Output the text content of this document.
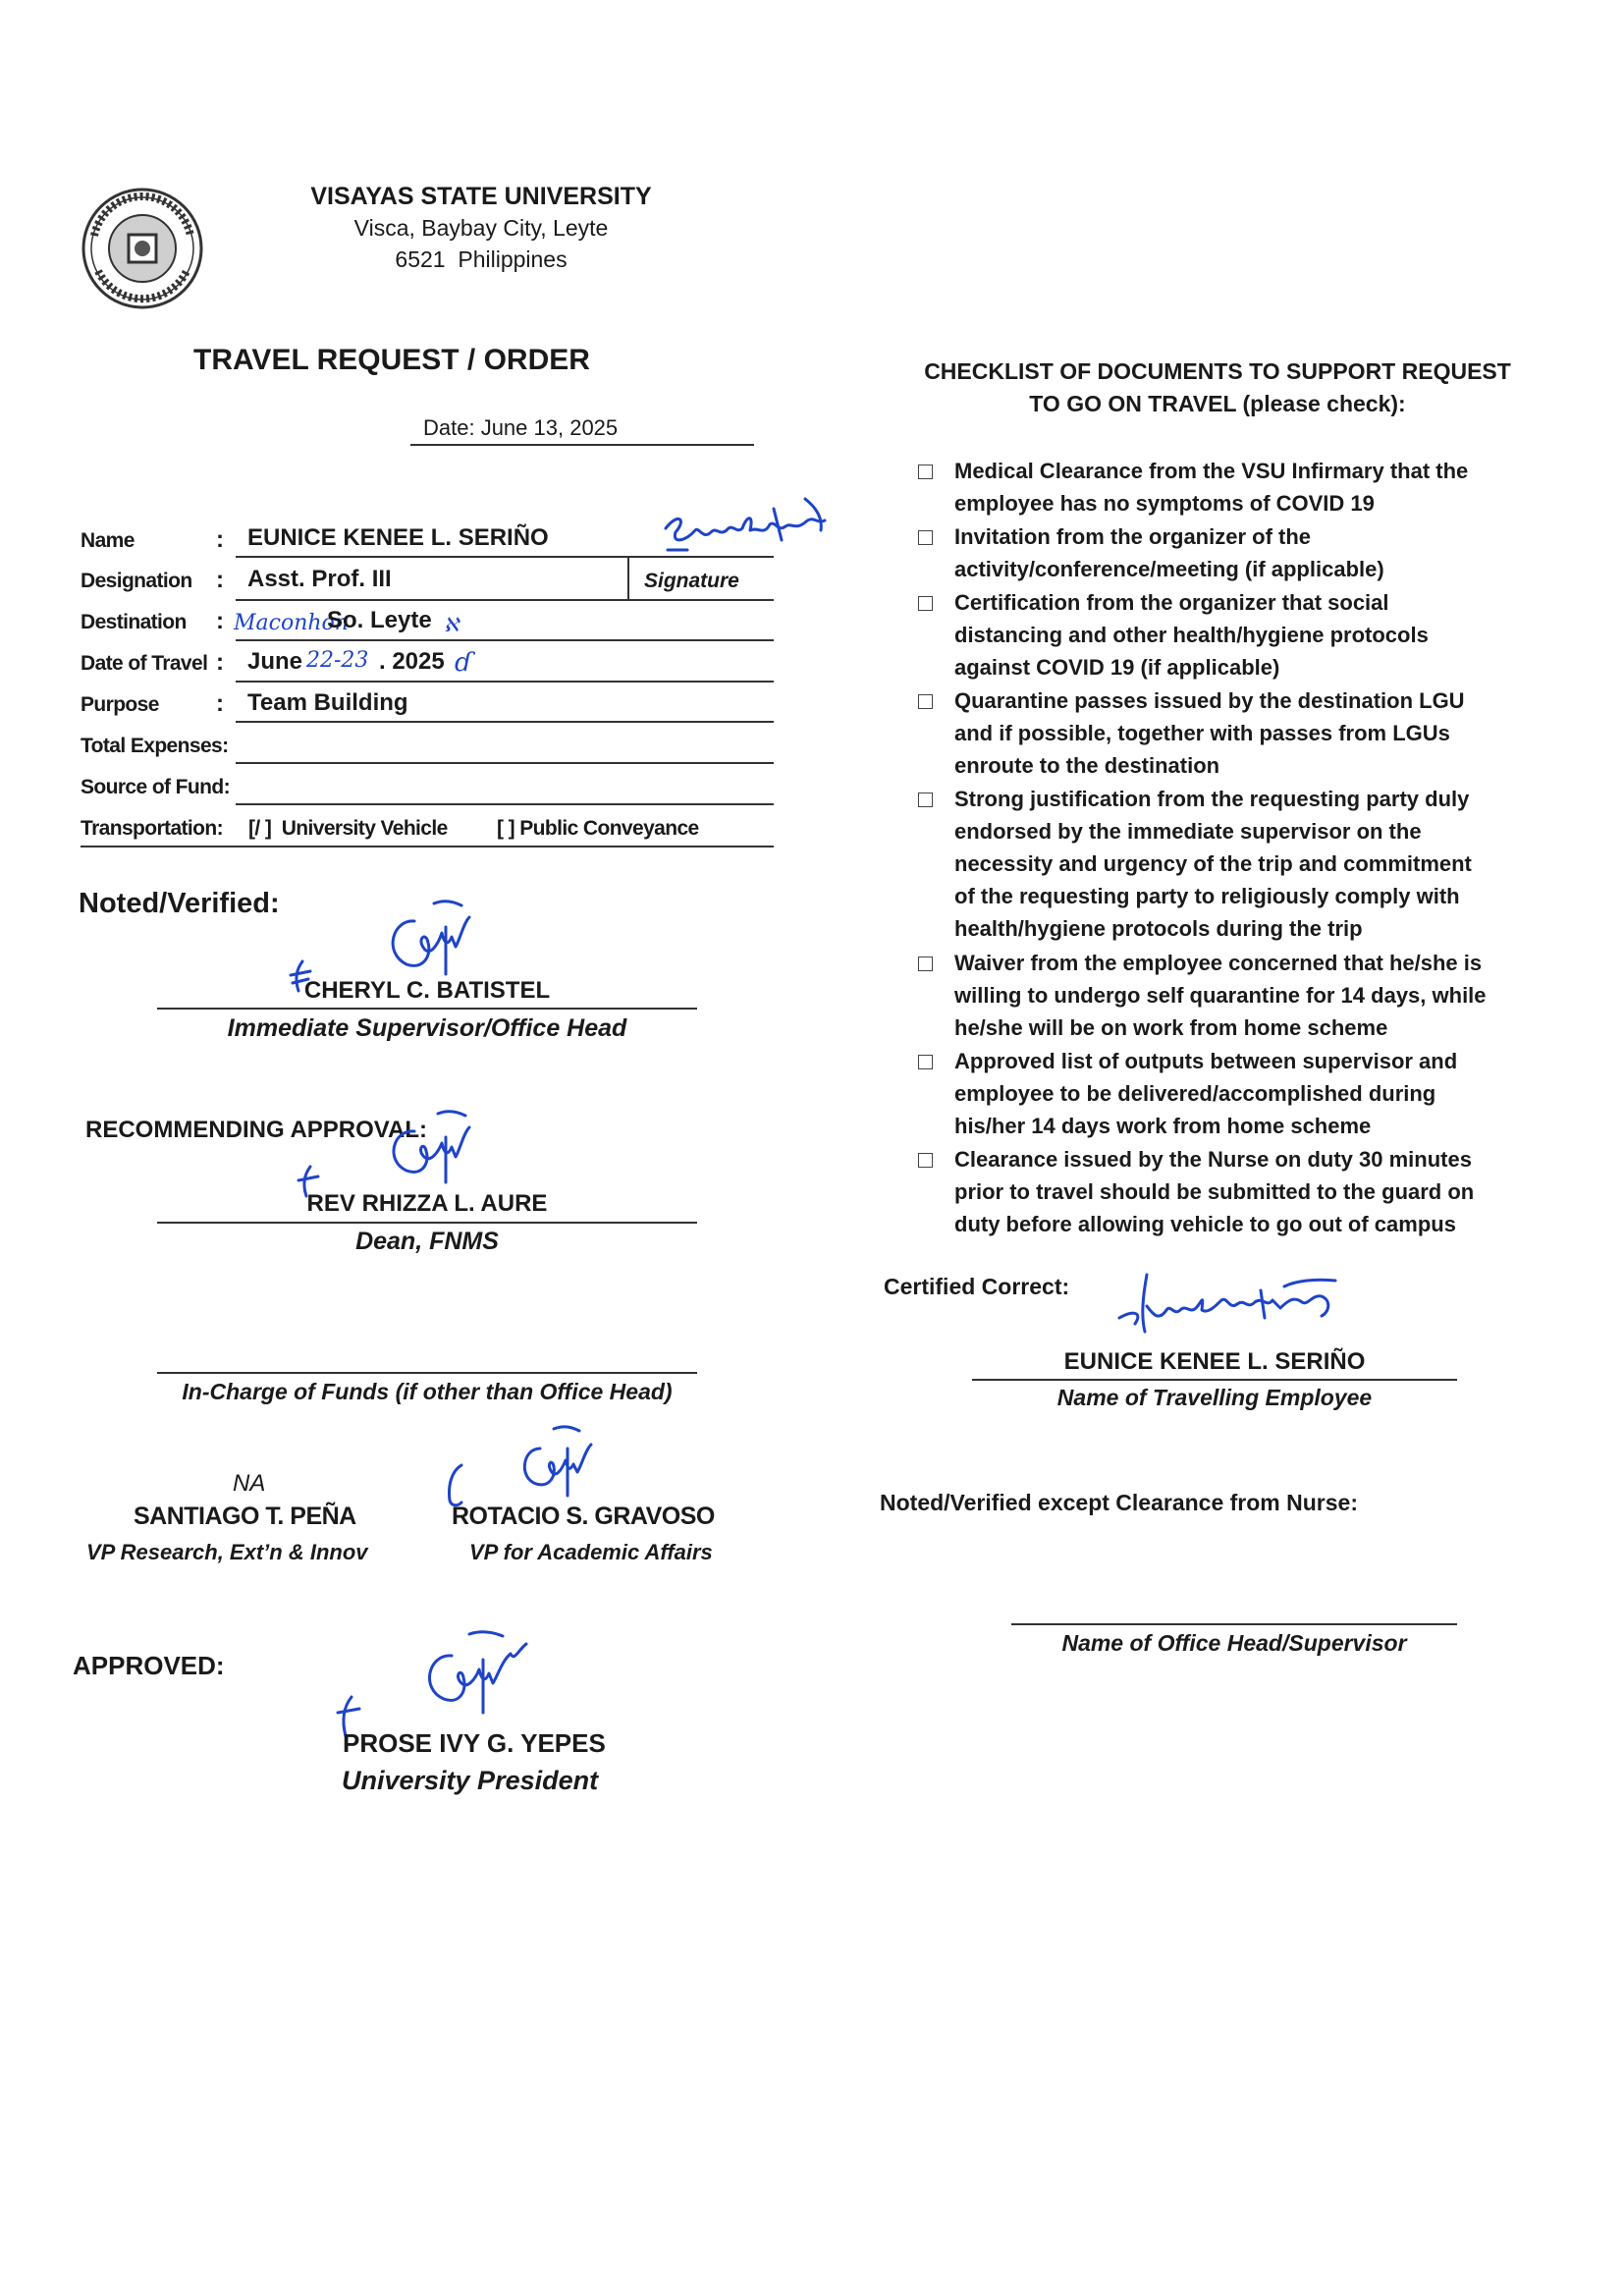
VISAYAS STATE UNIVERSITY
Visca, Baybay City, Leyte
6521  Philippines
TRAVEL REQUEST / ORDER
Date: June 13, 2025
Name	: EUNICE KENEE L. SERIÑO
Signature
Designation : Asst. Prof. III
Destination : Maconhon
So. Leyte ℵ
Date of Travel : June 22-23 . 2025 ɗ
Purpose : Team Building
Total Expenses:
Source of Fund:
Transportation: [/ ]  University Vehicle [ ] Public Conveyance
Noted/Verified:
CHERYL C. BATISTEL
Immediate Supervisor/Office Head
RECOMMENDING APPROVAL:
REV RHIZZA L. AURE
Dean, FNMS
In-Charge of Funds (if other than Office Head)
NA
SANTIAGO T. PEÑA
VP Research, Ext’n & Innov
ROTACIO S. GRAVOSO
VP for Academic Affairs
APPROVED:
PROSE IVY G. YEPES
University President
CHECKLIST OF DOCUMENTS TO SUPPORT REQUEST
TO GO ON TRAVEL (please check):
Medical Clearance from the VSU Infirmary that the
employee has no symptoms of COVID 19
Invitation from the organizer of the
activity/conference/meeting (if applicable)
Certification from the organizer that social
distancing and other health/hygiene protocols
against COVID 19 (if applicable)
Quarantine passes issued by the destination LGU
and if possible, together with passes from LGUs
enroute to the destination
Strong justification from the requesting party duly
endorsed by the immediate supervisor on the
necessity and urgency of the trip and commitment
of the requesting party to religiously comply with
health/hygiene protocols during the trip
Waiver from the employee concerned that he/she is
willing to undergo self quarantine for 14 days, while
he/she will be on work from home scheme
Approved list of outputs between supervisor and
employee to be delivered/accomplished during
his/her 14 days work from home scheme
Clearance issued by the Nurse on duty 30 minutes
prior to travel should be submitted to the guard on
duty before allowing vehicle to go out of campus
Certified Correct:
EUNICE KENEE L. SERIÑO
Name of Travelling Employee
Noted/Verified except Clearance from Nurse:
Name of Office Head/Supervisor
